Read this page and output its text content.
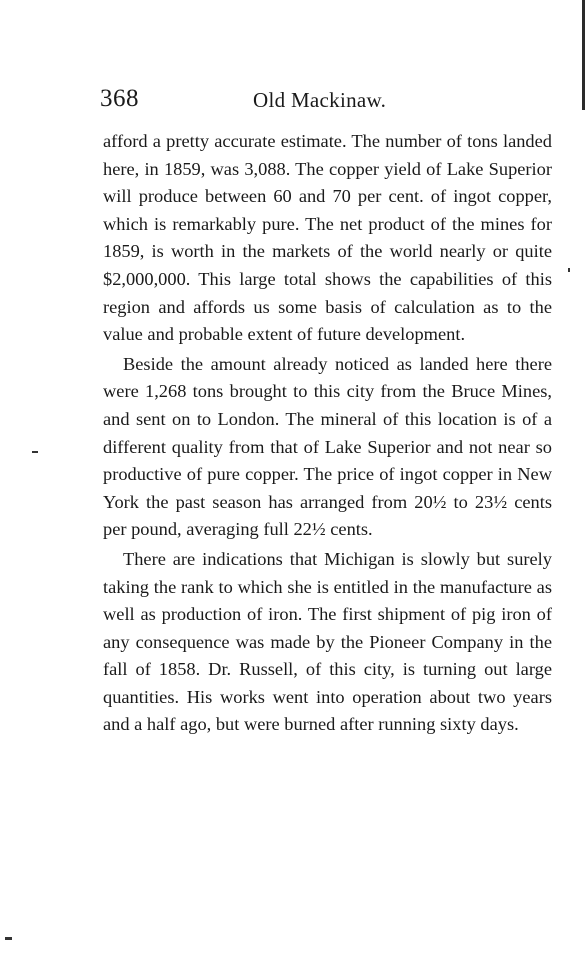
368	Old Mackinaw.

afford a pretty accurate estimate. The number of tons landed here, in 1859, was 3,088. The copper yield of Lake Superior will produce between 60 and 70 per cent. of ingot copper, which is remarkably pure. The net product of the mines for 1859, is worth in the markets of the world nearly or quite $2,000,000. This large total shows the capabilities of this region and affords us some basis of calculation as to the value and probable extent of future development.

Beside the amount already noticed as landed here there were 1,268 tons brought to this city from the Bruce Mines, and sent on to London. The mineral of this location is of a different quality from that of Lake Superior and not near so productive of pure copper. The price of ingot copper in New York the past season has arranged from 20½ to 23½ cents per pound, averaging full 22½ cents.

There are indications that Michigan is slowly but surely taking the rank to which she is entitled in the manufacture as well as production of iron. The first shipment of pig iron of any consequence was made by the Pioneer Company in the fall of 1858. Dr. Russell, of this city, is turning out large quantities. His works went into operation about two years and a half ago, but were burned after running sixty days.
